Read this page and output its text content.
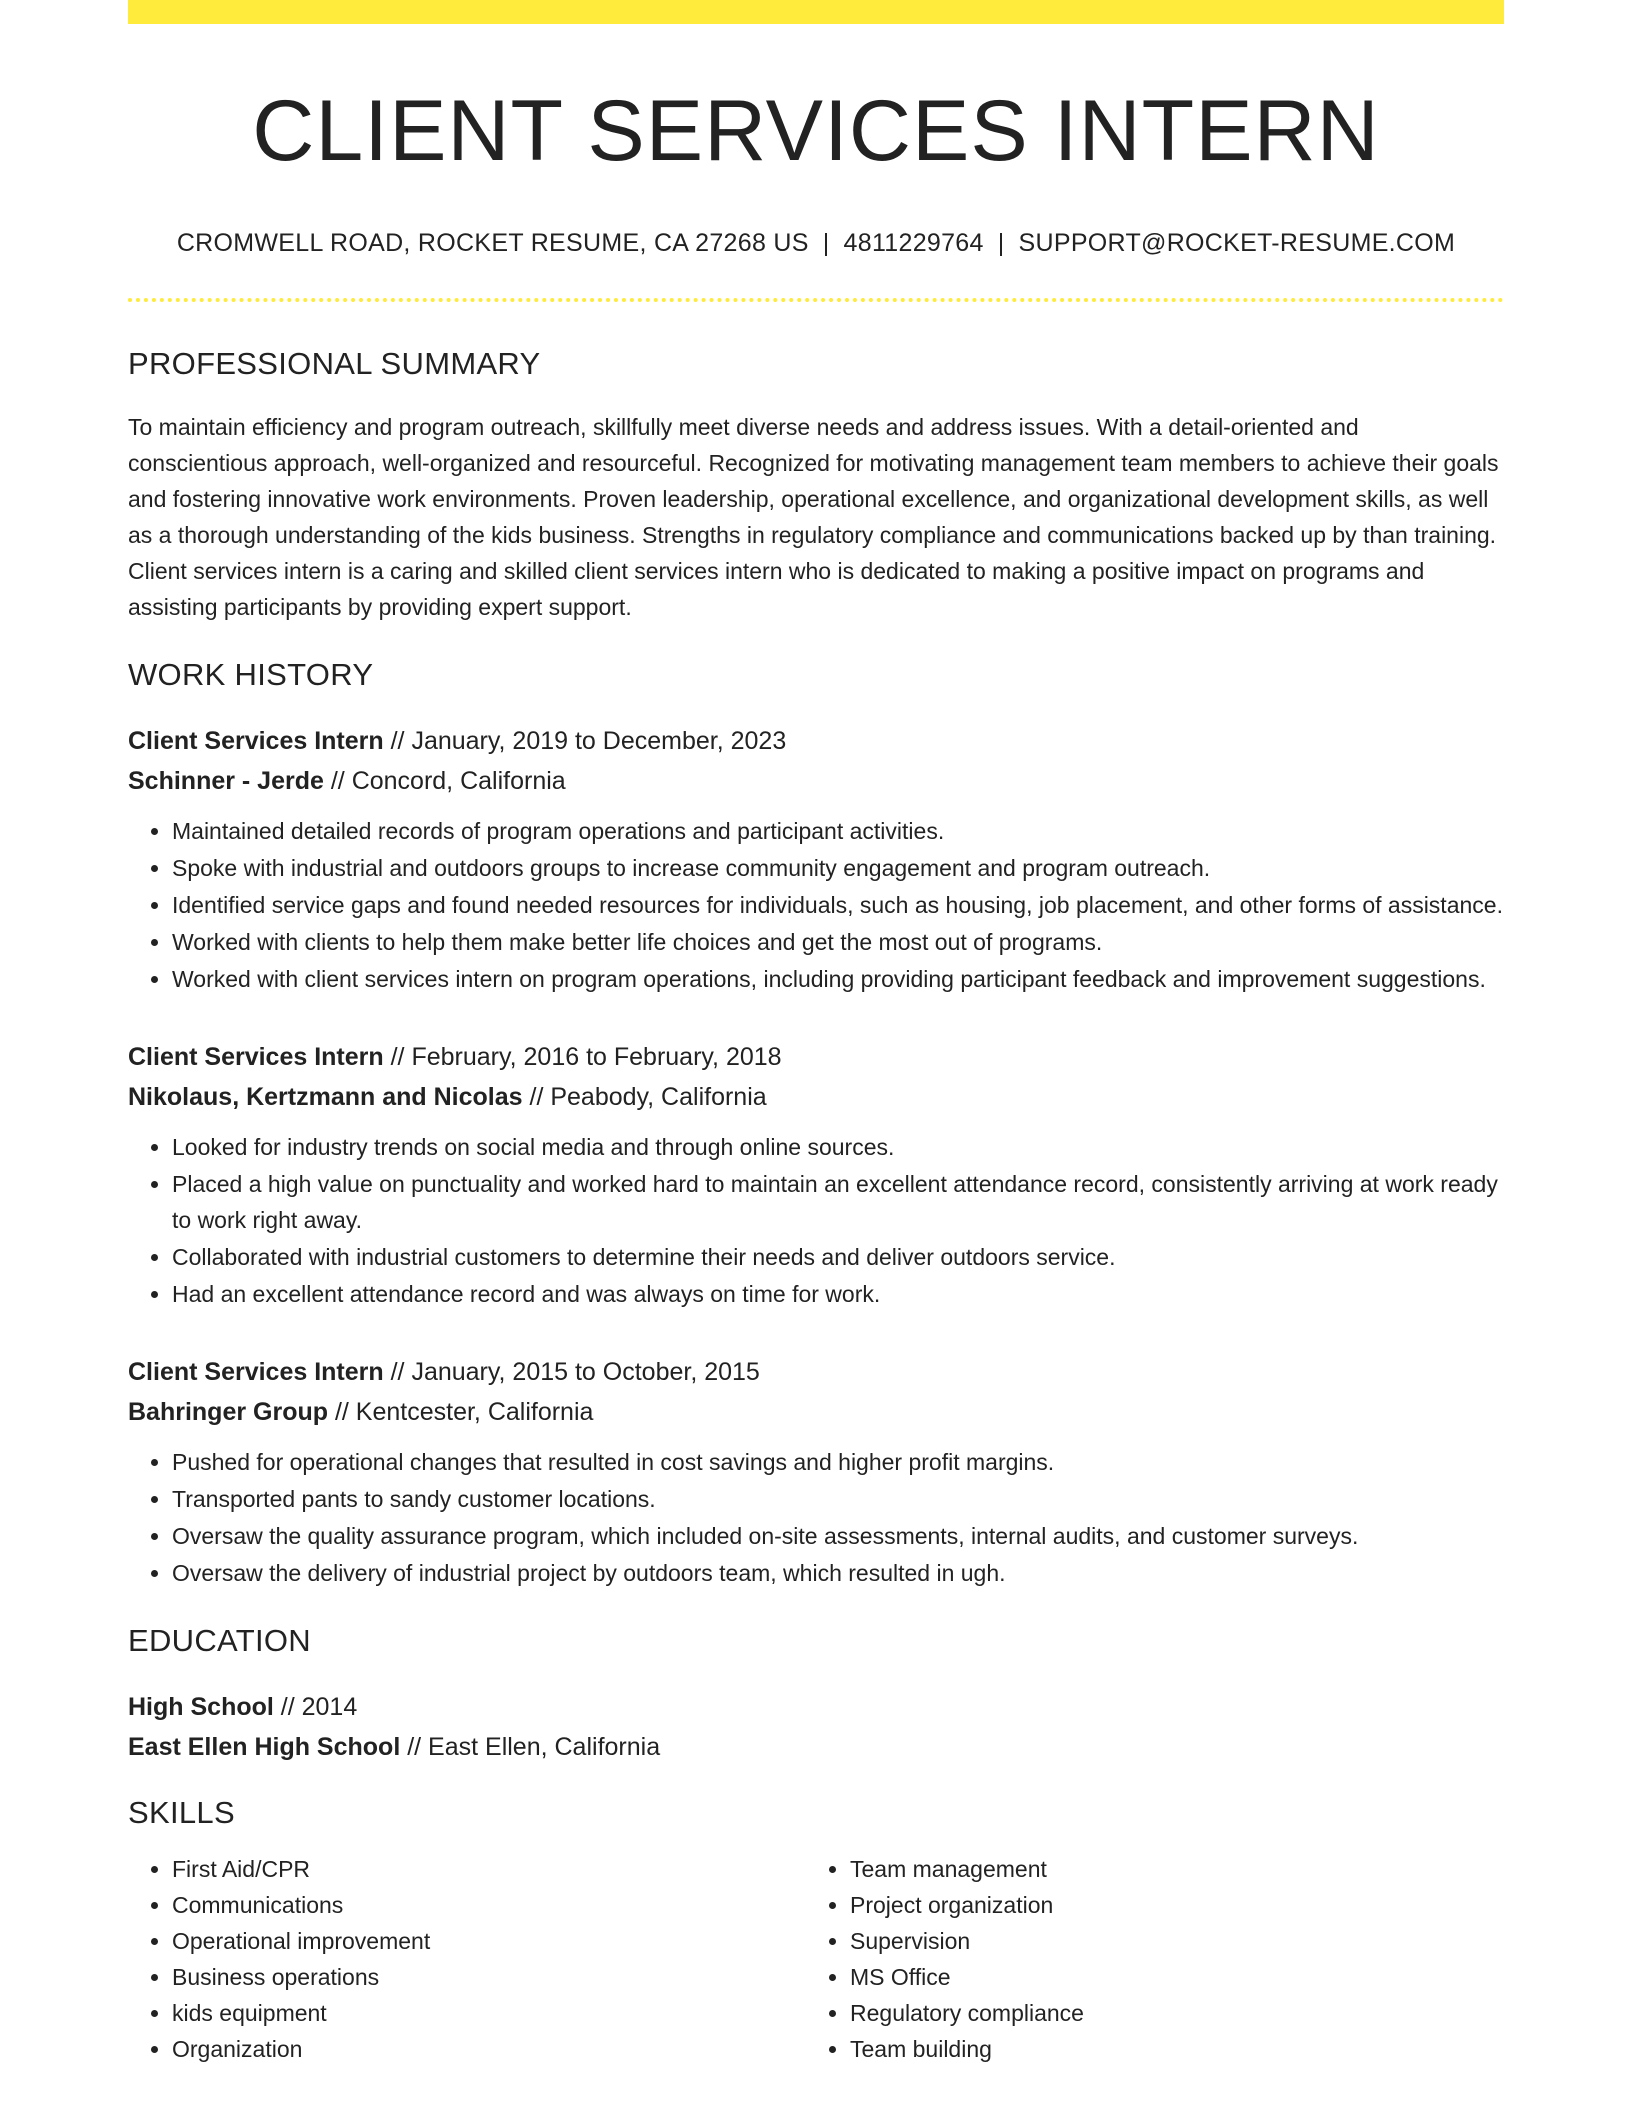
CLIENT SERVICES INTERN
CROMWELL ROAD, ROCKET RESUME, CA 27268 US | 4811229764 | SUPPORT@ROCKET-RESUME.COM
PROFESSIONAL SUMMARY

To maintain efficiency and program outreach, skillfully meet diverse needs and address issues. With a detail-oriented and conscientious approach, well-organized and resourceful. Recognized for motivating management team members to achieve their goals and fostering innovative work environments. Proven leadership, operational excellence, and organizational development skills, as well as a thorough understanding of the kids business. Strengths in regulatory compliance and communications backed up by than training. Client services intern is a caring and skilled client services intern who is dedicated to making a positive impact on programs and assisting participants by providing expert support.

WORK HISTORY
Client Services Intern // January, 2019 to December, 2023
Schinner - Jerde // Concord, California
• Maintained detailed records of program operations and participant activities.
• Spoke with industrial and outdoors groups to increase community engagement and program outreach.
• Identified service gaps and found needed resources for individuals, such as housing, job placement, and other forms of assistance.
• Worked with clients to help them make better life choices and get the most out of programs.
• Worked with client services intern on program operations, including providing participant feedback and improvement suggestions.
Client Services Intern // February, 2016 to February, 2018
Nikolaus, Kertzmann and Nicolas // Peabody, California
• Looked for industry trends on social media and through online sources.
• Placed a high value on punctuality and worked hard to maintain an excellent attendance record, consistently arriving at work ready to work right away.
• Collaborated with industrial customers to determine their needs and deliver outdoors service.
• Had an excellent attendance record and was always on time for work.
Client Services Intern // January, 2015 to October, 2015
Bahringer Group // Kentcester, California
• Pushed for operational changes that resulted in cost savings and higher profit margins.
• Transported pants to sandy customer locations.
• Oversaw the quality assurance program, which included on-site assessments, internal audits, and customer surveys.
• Oversaw the delivery of industrial project by outdoors team, which resulted in ugh.
EDUCATION
High School // 2014
East Ellen High School // East Ellen, California
SKILLS
• First Aid/CPR
• Communications
• Operational improvement
• Business operations
• kids equipment
• Organization
• Team management
• Project organization
• Supervision
• MS Office
• Regulatory compliance
• Team building
